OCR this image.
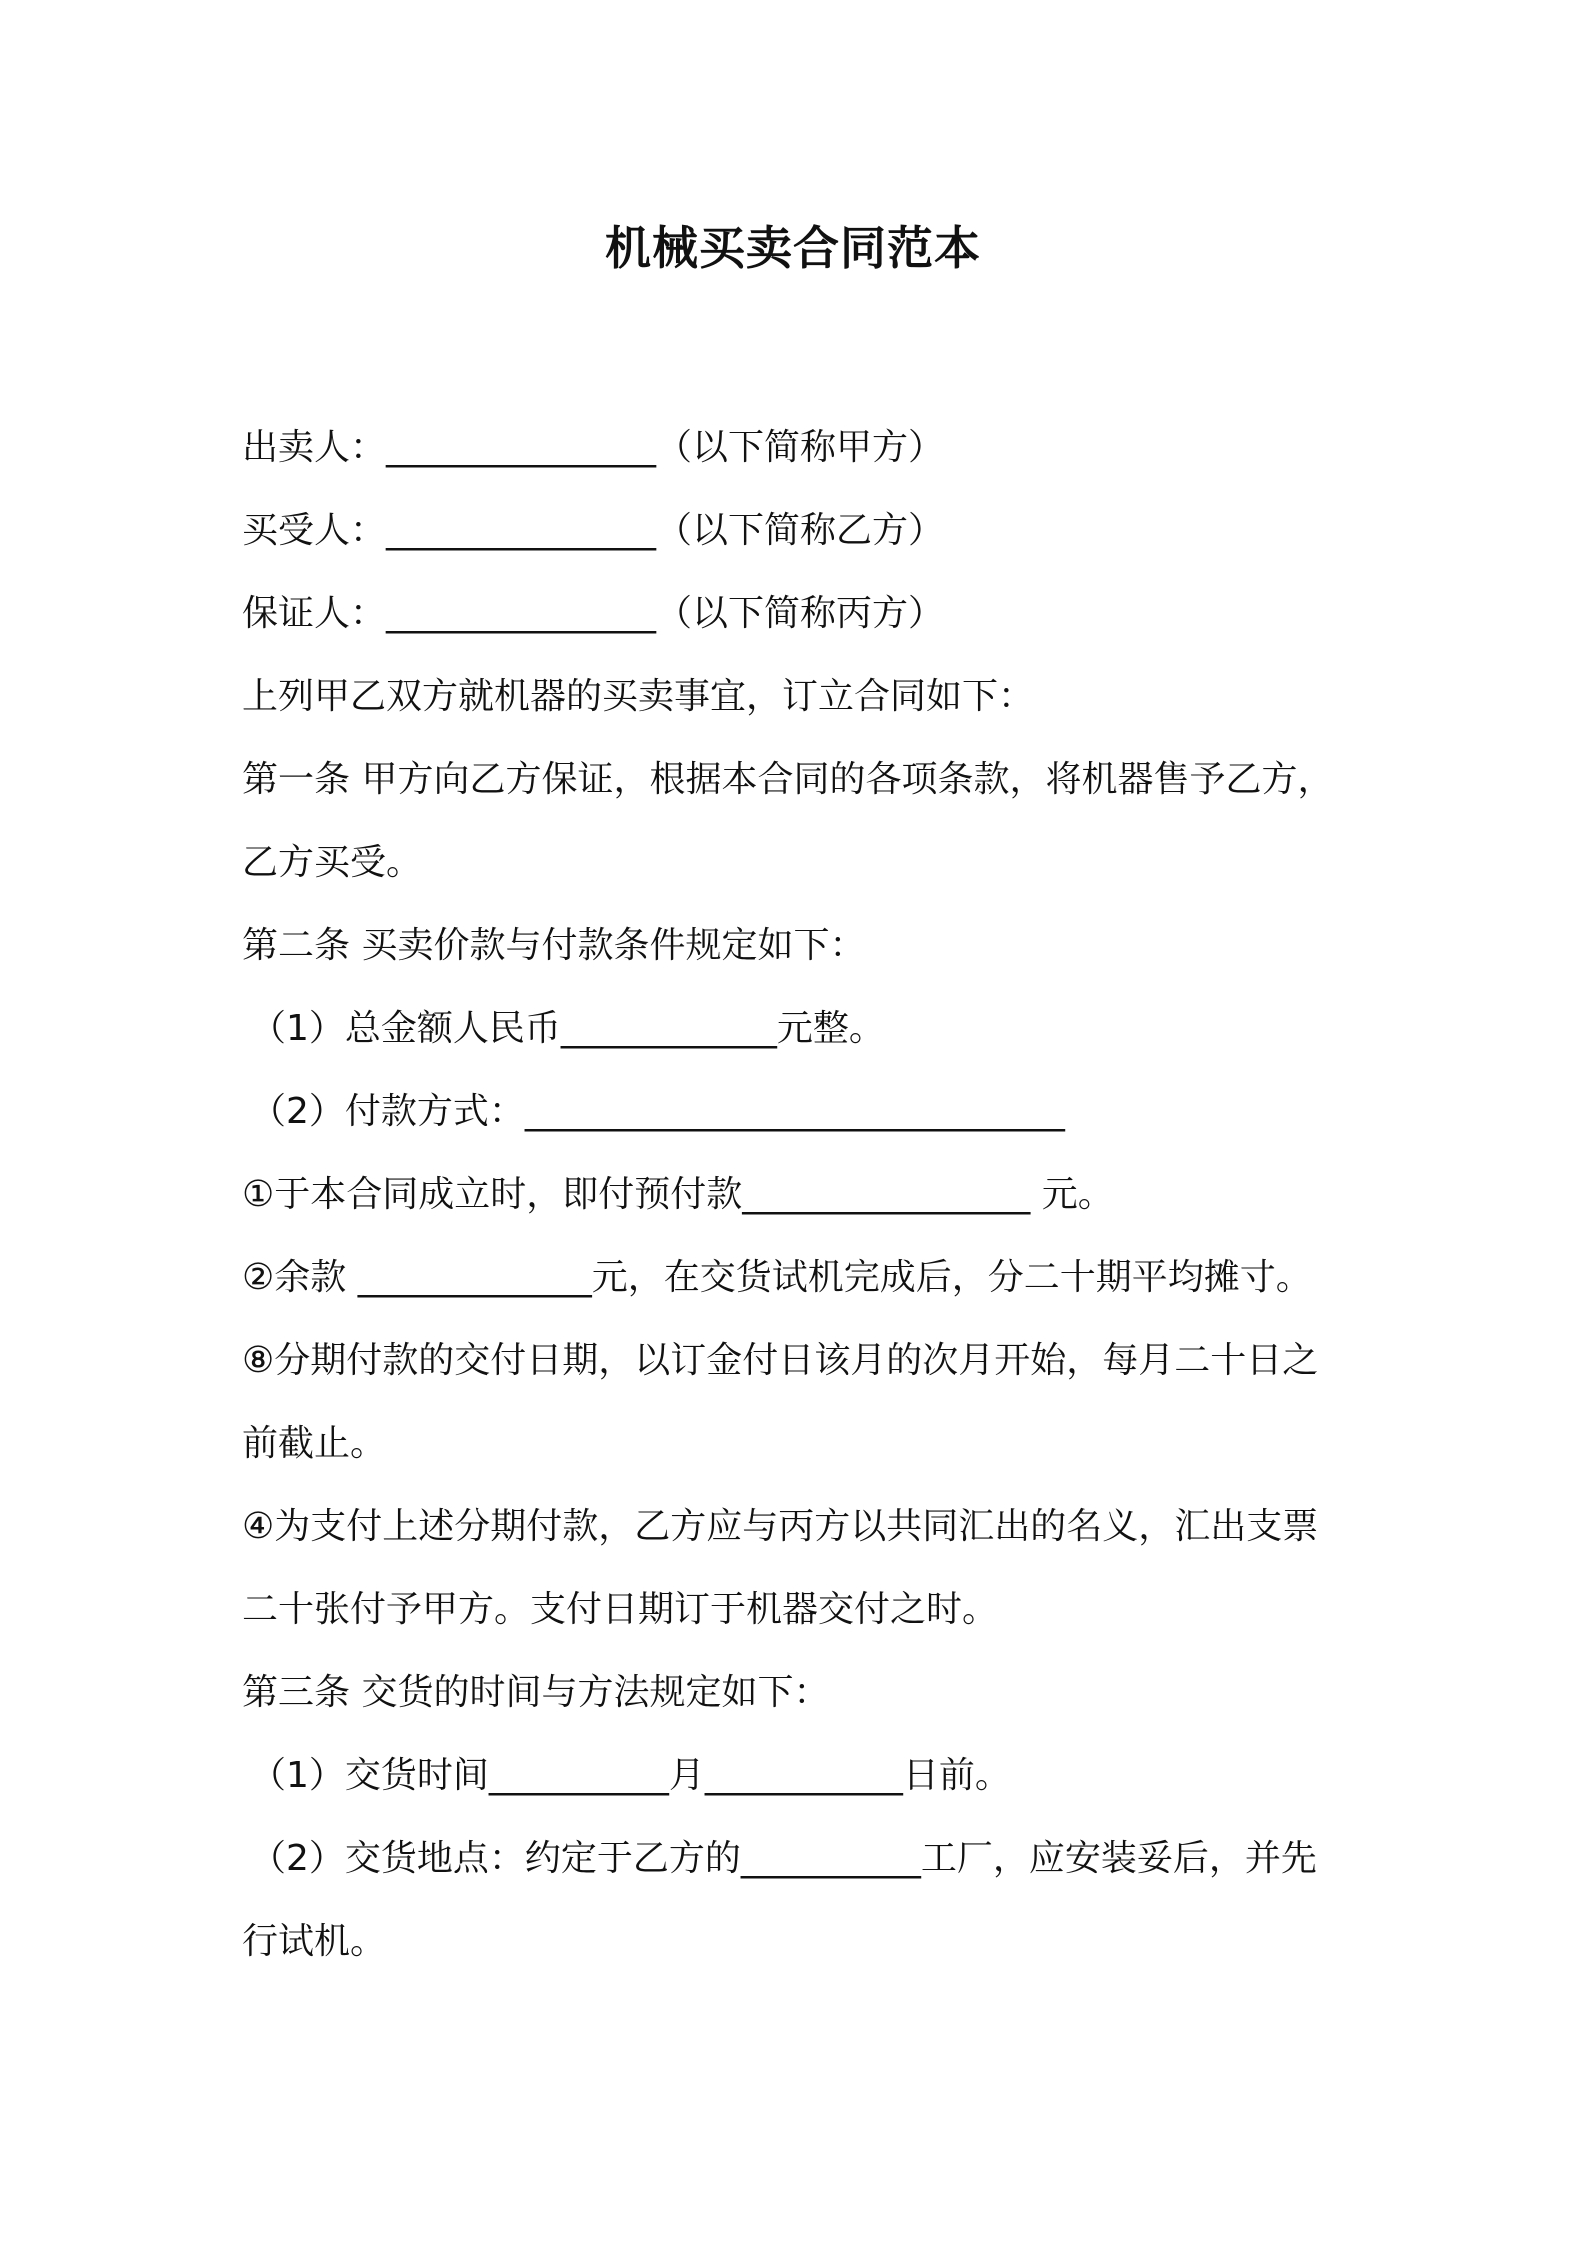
机械买卖合同范本
出卖人：_______________（以下简称甲方）
买受人：_______________（以下简称乙方）
保证人：_______________（以下简称丙方）
上列甲乙双方就机器的买卖事宜，订立合同如下：
第一条 甲方向乙方保证，根据本合同的各项条款，将机器售予乙方，
乙方买受。
第二条 买卖价款与付款条件规定如下：
（1）总金额人民币____________元整。
（2）付款方式：______________________________
①于本合同成立时，即付预付款________________ 元。
②余款 _____________元，在交货试机完成后，分二十期平均摊寸。
⑧分期付款的交付日期，以订金付日该月的次月开始，每月二十日之
前截止。
④为支付上述分期付款，乙方应与丙方以共同汇出的名义，汇出支票
二十张付予甲方。支付日期订于机器交付之时。
第三条 交货的时间与方法规定如下：
（1）交货时间__________月___________日前。
（2）交货地点：约定于乙方的__________工厂，应安装妥后，并先
行试机。
